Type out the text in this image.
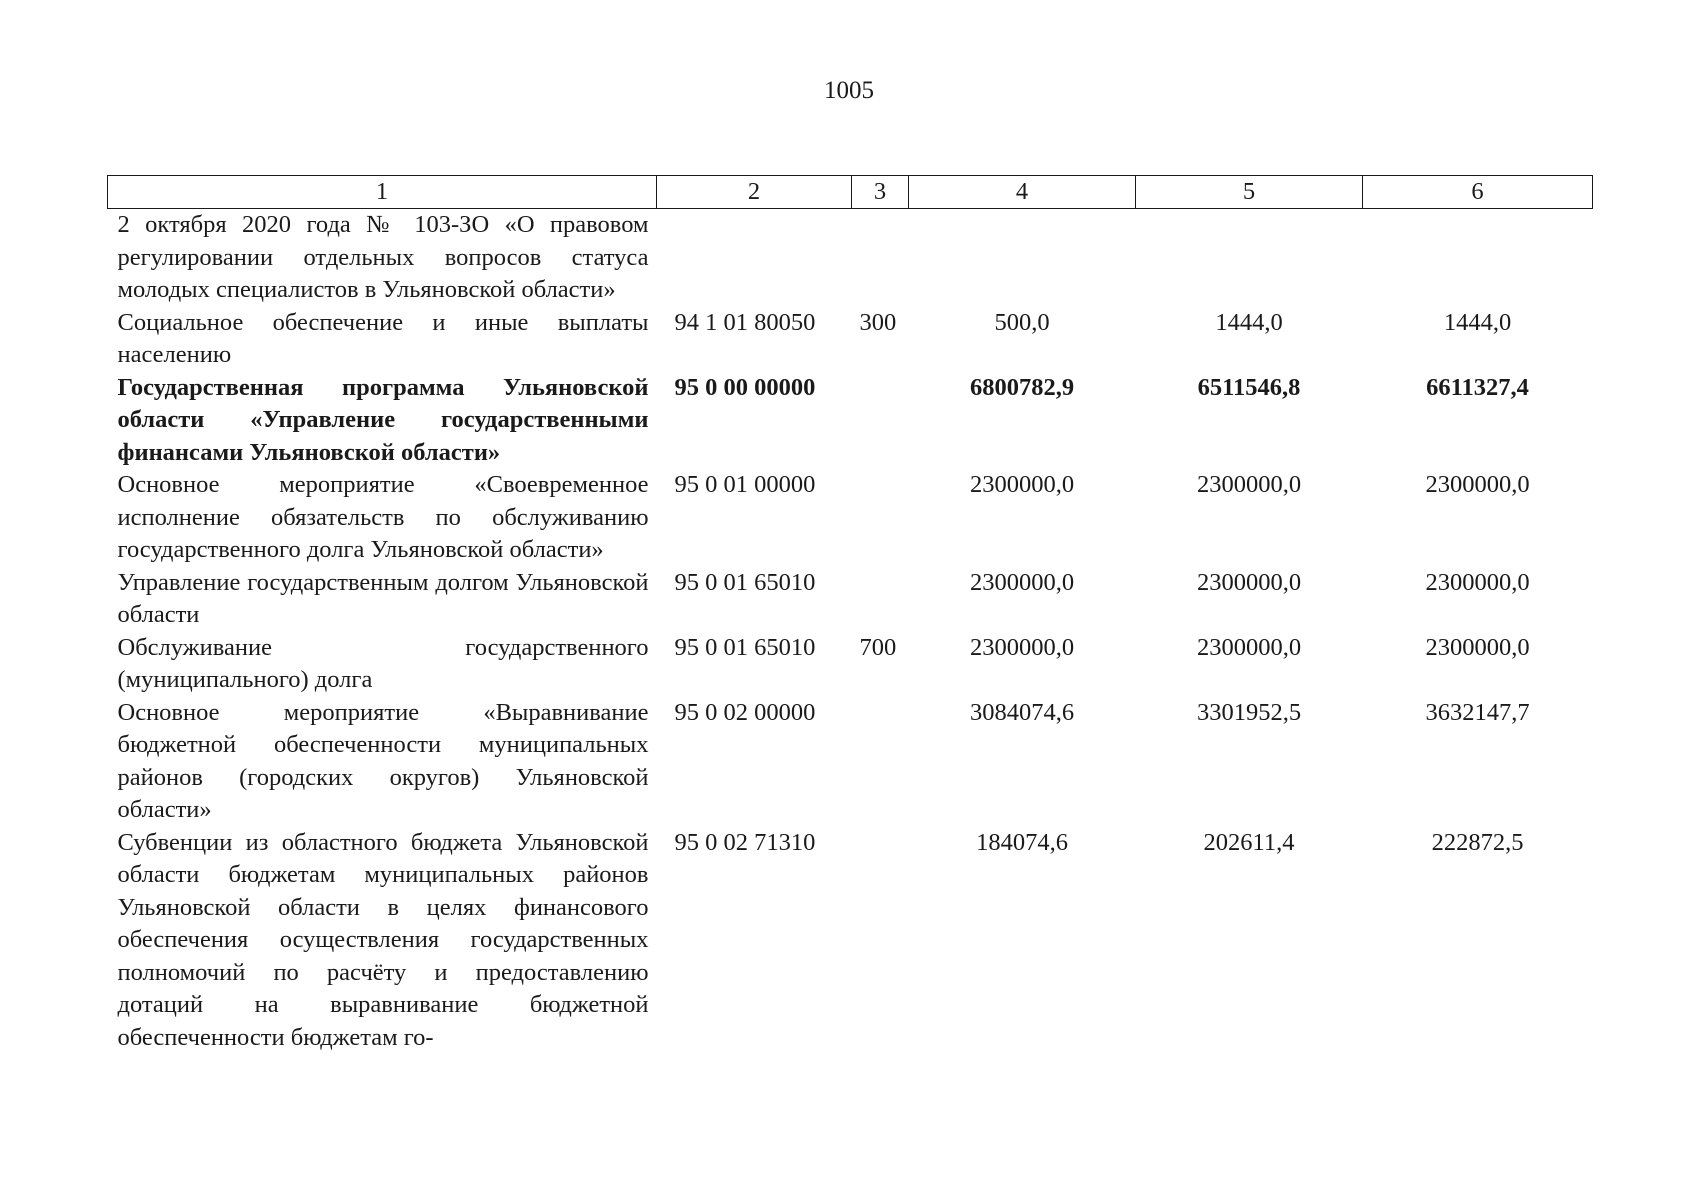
1005
1	2	3	4	5	6
2 октября 2020 года № 103-ЗО «О правовом регулировании отдельных вопросов статуса молодых специалистов в Ульяновской области»					
Социальное обеспечение и иные выплаты населению	94 1 01 80050	300	500,0	1444,0	1444,0
Государственная программа Ульяновской области «Управление государственными финансами Ульяновской области»	95 0 00 00000		6800782,9	6511546,8	6611327,4
Основное мероприятие «Своевременное исполнение обязательств по обслуживанию государственного долга Ульяновской области»	95 0 01 00000		2300000,0	2300000,0	2300000,0
Управление государственным долгом Ульяновской области	95 0 01 65010		2300000,0	2300000,0	2300000,0
Обслуживание государственного (муниципального) долга	95 0 01 65010	700	2300000,0	2300000,0	2300000,0
Основное мероприятие «Выравнивание бюджетной обеспеченности муниципальных районов (городских округов) Ульяновской области»	95 0 02 00000		3084074,6	3301952,5	3632147,7
Субвенции из областного бюджета Ульяновской области бюджетам муниципальных районов Ульяновской области в целях финансового обеспечения осуществления государственных полномочий по расчёту и предоставлению дотаций на выравнивание бюджетной обеспеченности бюджетам го-	95 0 02 71310		184074,6	202611,4	222872,5
